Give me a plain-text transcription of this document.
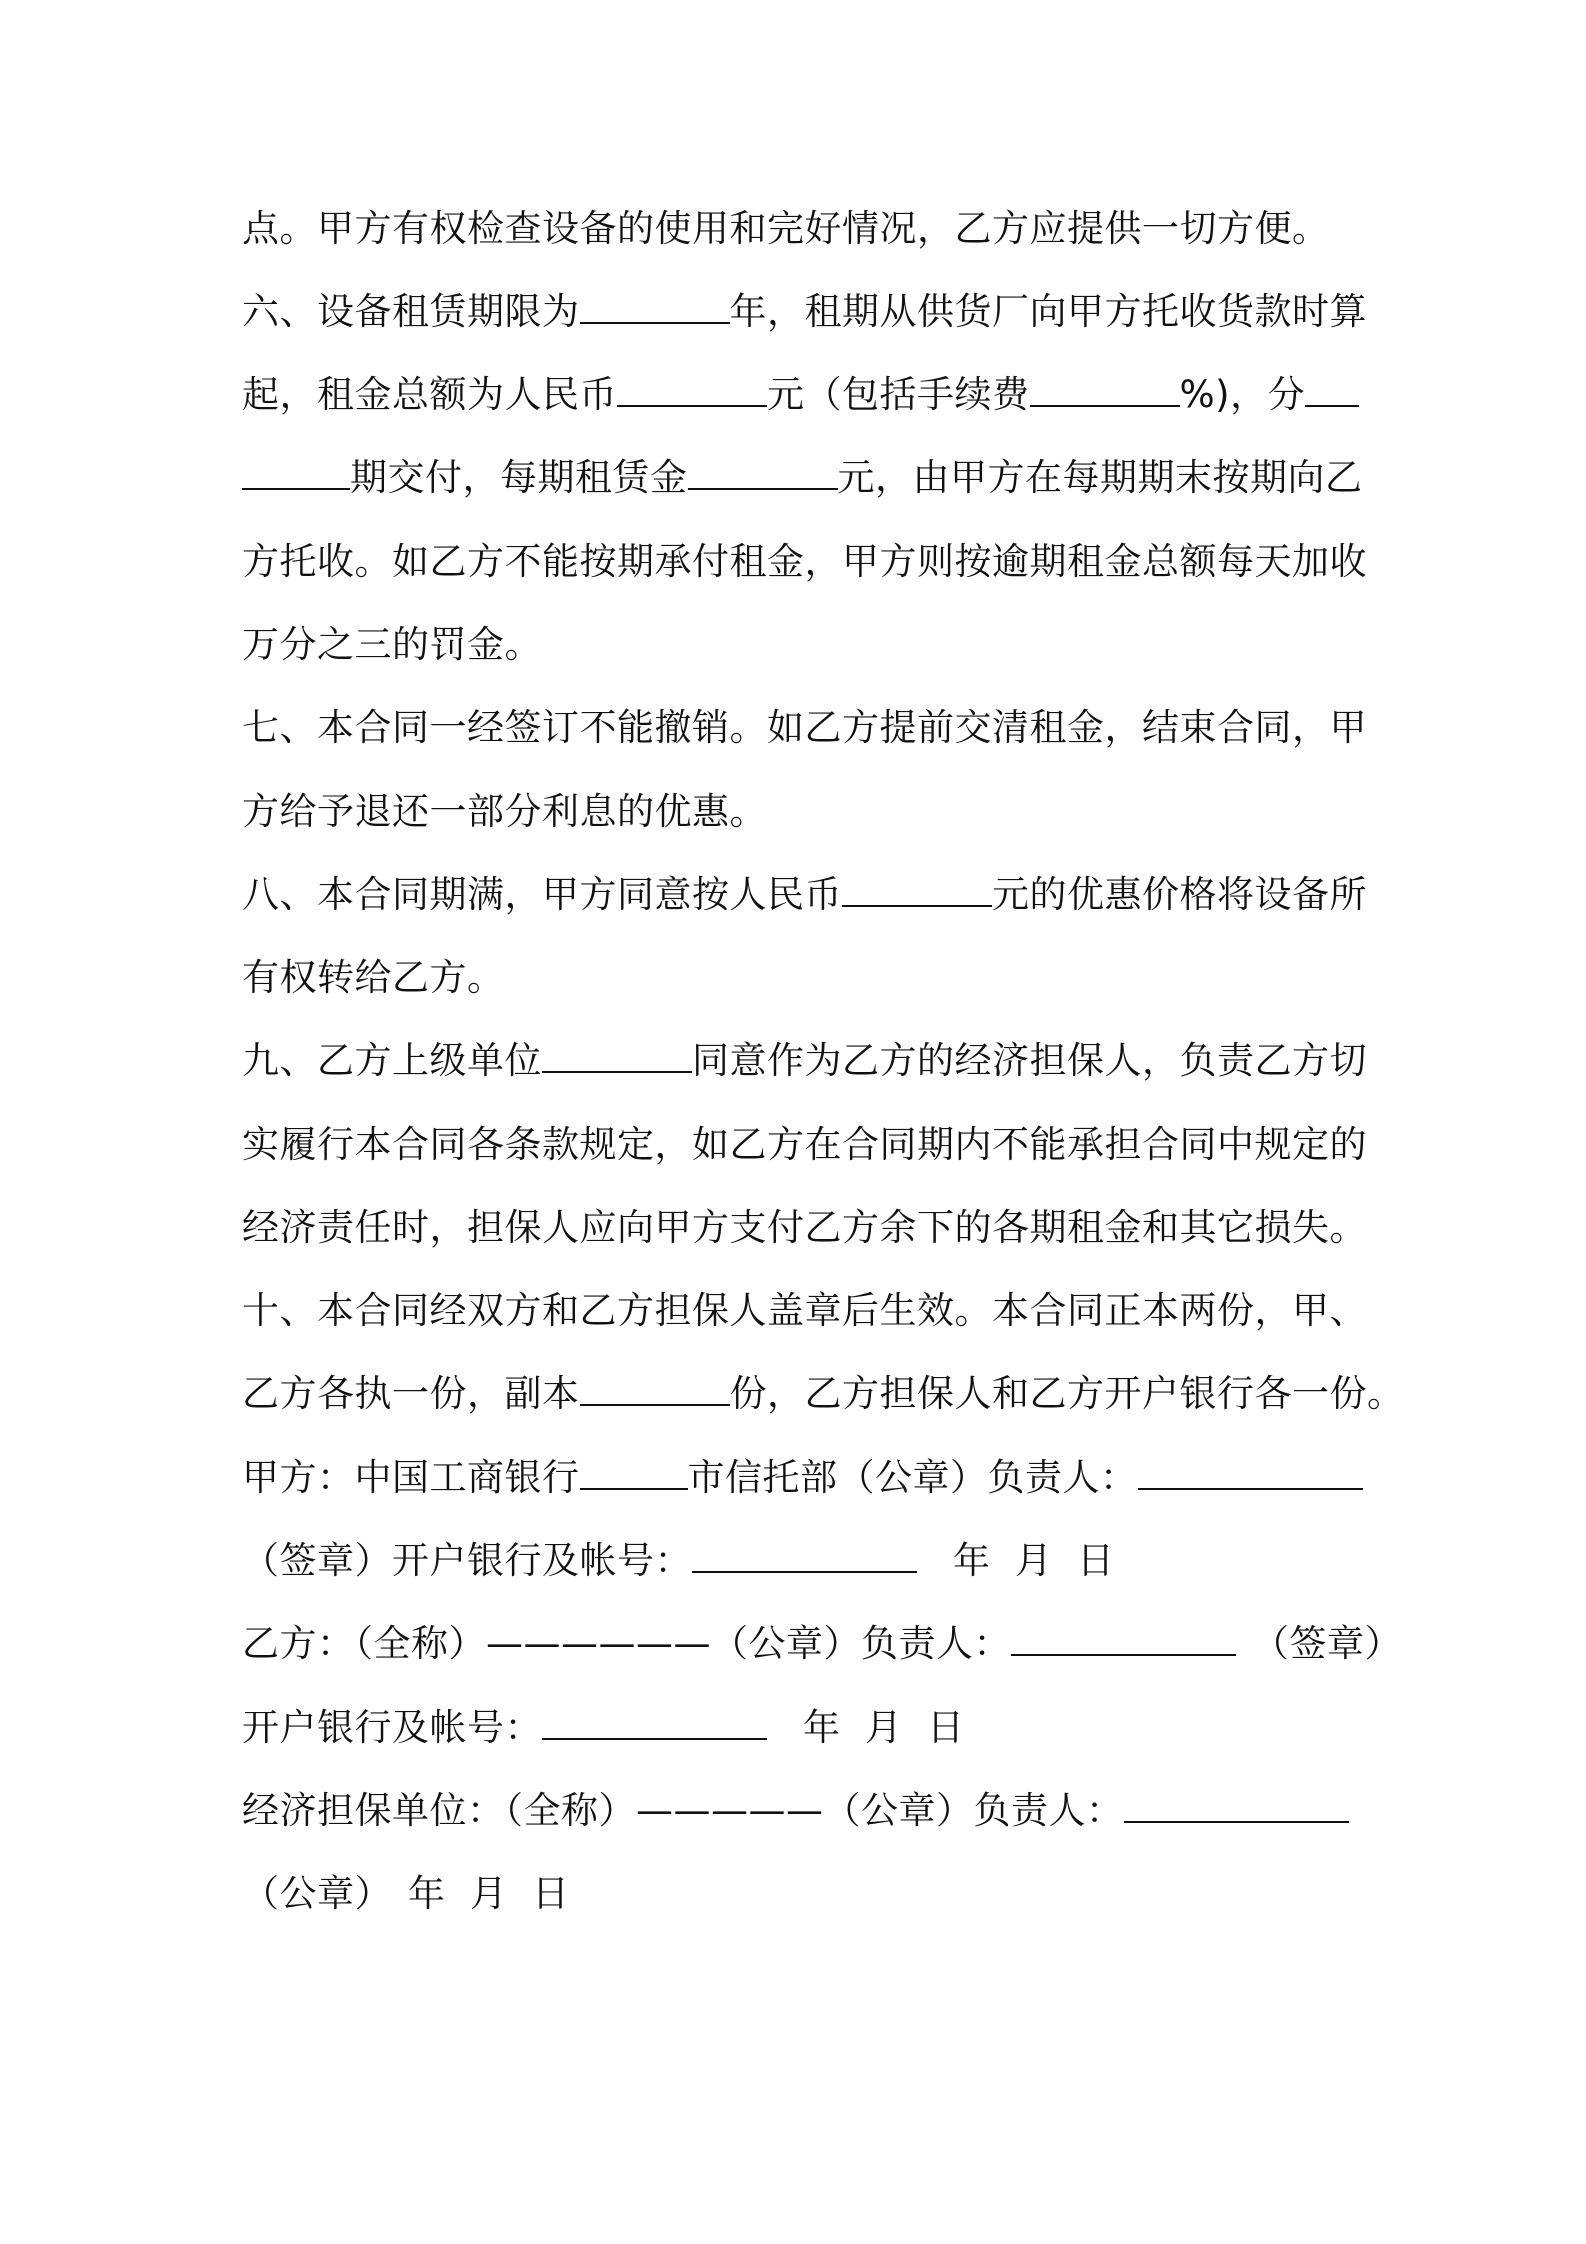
点。甲方有权检查设备的使用和完好情况，乙方应提供一切方便。
六、设备租赁期限为	年，租期从供货厂向甲方托收货款时算
起，租金总额为人民币	元（包括手续费	%)，分
期交付，每期租赁金	元，由甲方在每期期末按期向乙
方托收。如乙方不能按期承付租金，甲方则按逾期租金总额每天加收
万分之三的罚金。
七、本合同一经签订不能撤销。如乙方提前交清租金，结束合同，甲
方给予退还一部分利息的优惠。
八、本合同期满，甲方同意按人民币	元的优惠价格将设备所
有权转给乙方。
九、乙方上级单位	同意作为乙方的经济担保人，负责乙方切
实履行本合同各条款规定，如乙方在合同期内不能承担合同中规定的
经济责任时，担保人应向甲方支付乙方余下的各期租金和其它损失。
十、本合同经双方和乙方担保人盖章后生效。本合同正本两份，甲、
乙方各执一份，副本	份，乙方担保人和乙方开户银行各一份。
甲方：中国工商银行	市信托部（公章）负责人：
（签章）开户银行及帐号：	年  月  日
乙方：（全称）——————（公章）负责人：	（签章）
开户银行及帐号：	年  月  日
经济担保单位：（全称）—————（公章）负责人：
（公章） 年  月  日
